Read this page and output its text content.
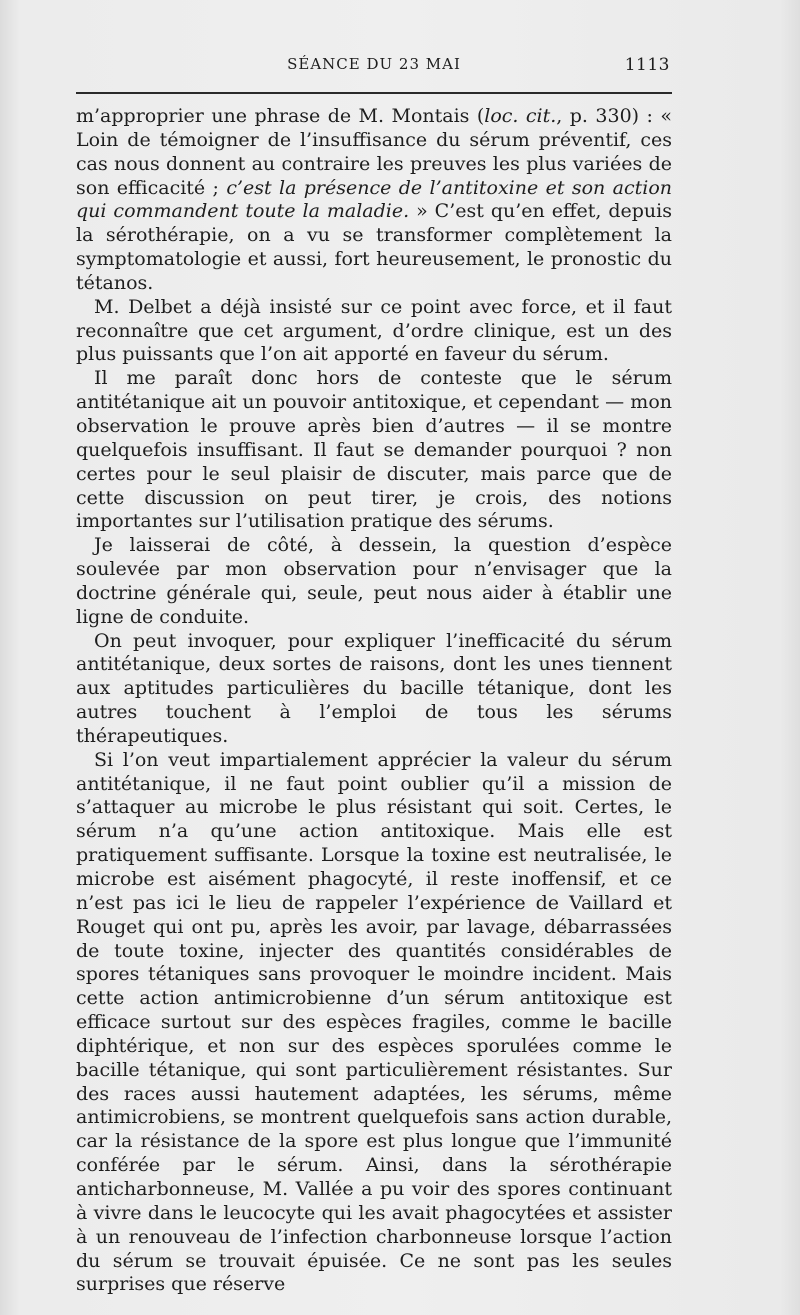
SÉANCE DU 23 MAI	1113

m’approprier une phrase de M. Montais (loc. cit., p. 330) : « Loin de témoigner de l’insuffisance du sérum préventif, ces cas nous donnent au contraire les preuves les plus variées de son efficacité ; c’est la présence de l’antitoxine et son action qui commandent toute la maladie. » C’est qu’en effet, depuis la sérothérapie, on a vu se transformer complètement la symptomatologie et aussi, fort heureusement, le pronostic du tétanos.

M. Delbet a déjà insisté sur ce point avec force, et il faut reconnaître que cet argument, d’ordre clinique, est un des plus puissants que l’on ait apporté en faveur du sérum.

Il me paraît donc hors de conteste que le sérum antitétanique ait un pouvoir antitoxique, et cependant — mon observation le prouve après bien d’autres — il se montre quelquefois insuffisant. Il faut se demander pourquoi ? non certes pour le seul plaisir de discuter, mais parce que de cette discussion on peut tirer, je crois, des notions importantes sur l’utilisation pratique des sérums.

Je laisserai de côté, à dessein, la question d’espèce soulevée par mon observation pour n’envisager que la doctrine générale qui, seule, peut nous aider à établir une ligne de conduite.

On peut invoquer, pour expliquer l’inefficacité du sérum antitétanique, deux sortes de raisons, dont les unes tiennent aux aptitudes particulières du bacille tétanique, dont les autres touchent à l’emploi de tous les sérums thérapeutiques.

Si l’on veut impartialement apprécier la valeur du sérum antitétanique, il ne faut point oublier qu’il a mission de s’attaquer au microbe le plus résistant qui soit. Certes, le sérum n’a qu’une action antitoxique. Mais elle est pratiquement suffisante. Lorsque la toxine est neutralisée, le microbe est aisément phagocyté, il reste inoffensif, et ce n’est pas ici le lieu de rappeler l’expérience de Vaillard et Rouget qui ont pu, après les avoir, par lavage, débarrassées de toute toxine, injecter des quantités considérables de spores tétaniques sans provoquer le moindre incident. Mais cette action antimicrobienne d’un sérum antitoxique est efficace surtout sur des espèces fragiles, comme le bacille diphtérique, et non sur des espèces sporulées comme le bacille tétanique, qui sont particulièrement résistantes. Sur des races aussi hautement adaptées, les sérums, même antimicrobiens, se montrent quelquefois sans action durable, car la résistance de la spore est plus longue que l’immunité conférée par le sérum. Ainsi, dans la sérothérapie anticharbonneuse, M. Vallée a pu voir des spores continuant à vivre dans le leucocyte qui les avait phagocytées et assister à un renouveau de l’infection charbonneuse lorsque l’action du sérum se trouvait épuisée. Ce ne sont pas les seules surprises que réserve
